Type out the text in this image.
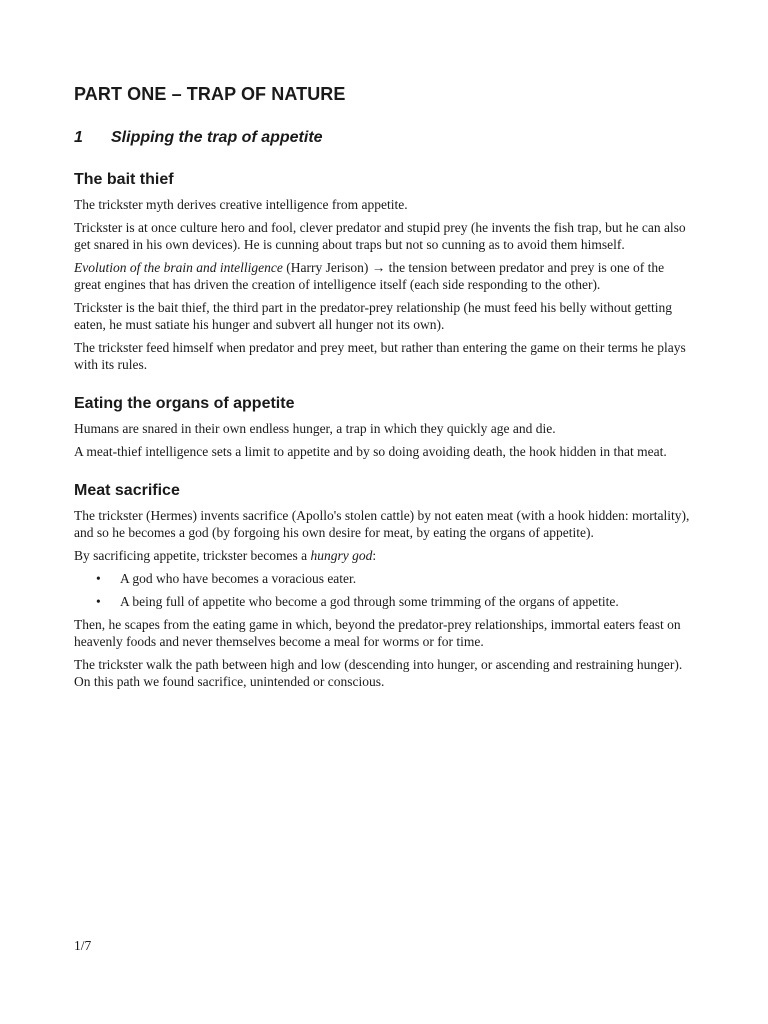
PART ONE – TRAP OF NATURE
1	Slipping the trap of appetite
The bait thief

The trickster myth derives creative intelligence from appetite.

Trickster is at once culture hero and fool, clever predator and stupid prey (he invents the fish trap, but he can also get snared in his own devices). He is cunning about traps but not so cunning as to avoid them himself.

Evolution of the brain and intelligence (Harry Jerison) → the tension between predator and prey is one of the great engines that has driven the creation of intelligence itself (each side responding to the other).

Trickster is the bait thief, the third part in the predator-prey relationship (he must feed his belly without getting eaten, he must satiate his hunger and subvert all hunger not its own).

The trickster feed himself when predator and prey meet, but rather than entering the game on their terms he plays with its rules.

Eating the organs of appetite

Humans are snared in their own endless hunger, a trap in which they quickly age and die.

A meat-thief intelligence sets a limit to appetite and by so doing avoiding death, the hook hidden in that meat.

Meat sacrifice

The trickster (Hermes) invents sacrifice (Apollo's stolen cattle) by not eaten meat (with a hook hidden: mortality), and so he becomes a god (by forgoing his own desire for meat, by eating the organs of appetite).

By sacrificing appetite, trickster becomes a hungry god:

•	A god who have becomes a voracious eater.
•	A being full of appetite who become a god through some trimming of the organs of appetite.

Then, he scapes from the eating game in which, beyond the predator-prey relationships, immortal eaters feast on heavenly foods and never themselves become a meal for worms or for time.

The trickster walk the path between high and low (descending into hunger, or ascending and restraining hunger). On this path we found sacrifice, unintended or conscious.

1/7
